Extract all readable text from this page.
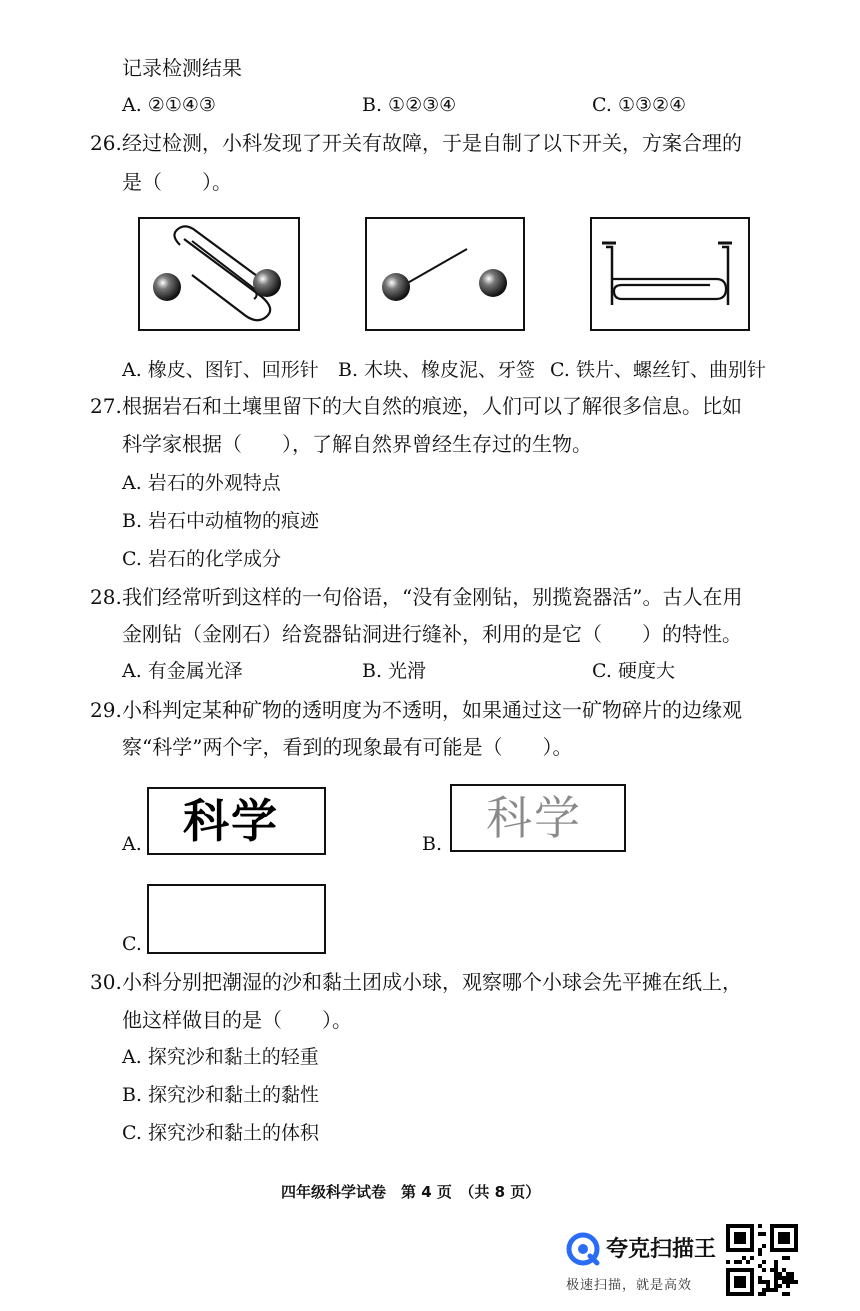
记录检测结果
A. ②①④③	B. ①②③④	C. ①③②④
26. 经过检测，小科发现了开关有故障，于是自制了以下开关，方案合理的
是（　　）。
A. 橡皮、图钉、回形针 B. 木块、橡皮泥、牙签 C. 铁片、螺丝钉、曲别针
27. 根据岩石和土壤里留下的大自然的痕迹，人们可以了解很多信息。比如
科学家根据（　　），了解自然界曾经生存过的生物。
A. 岩石的外观特点
B. 岩石中动植物的痕迹
C. 岩石的化学成分
28. 我们经常听到这样的一句俗语，“没有金刚钻，别揽瓷器活”。古人在用
金刚钻（金刚石）给瓷器钻洞进行缝补，利用的是它（　　）的特性。
A. 有金属光泽	B. 光滑	C. 硬度大
29. 小科判定某种矿物的透明度为不透明，如果通过这一矿物碎片的边缘观
察“科学”两个字，看到的现象最有可能是（　　）。
A. 科学	B. 科学
C.
30. 小科分别把潮湿的沙和黏土团成小球，观察哪个小球会先平摊在纸上，
他这样做目的是（　　）。
A. 探究沙和黏土的轻重
B. 探究沙和黏土的黏性
C. 探究沙和黏土的体积
四年级科学试卷　第 4 页　（共 8 页）
夸克扫描王
极速扫描，就是高效
